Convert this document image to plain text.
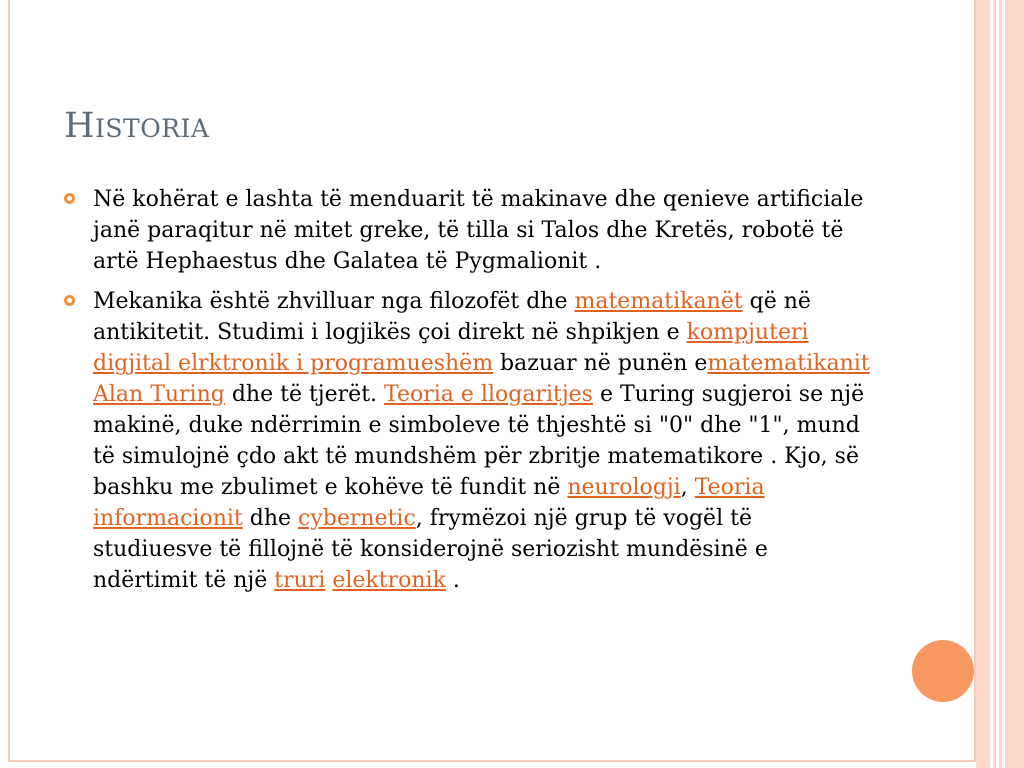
Historia
Në kohërat e lashta të menduarit të makinave dhe qenieve artificiale janë paraqitur në mitet greke, të tilla si Talos dhe Kretës, robotë të artë Hephaestus dhe Galatea të Pygmalionit .
Mekanika është zhvilluar nga filozofët dhe matematikanët që në antikitetit. Studimi i logjikës çoi direkt në shpikjen e kompjuteri digjital elrktronik i programueshëm bazuar në punën ematematikanit Alan Turing dhe të tjerët. Teoria e llogaritjes e Turing sugjeroi se një makinë, duke ndërrimin e simboleve të thjeshtë si "0" dhe "1", mund të simulojnë çdo akt të mundshëm për zbritje matematikore . Kjo, së bashku me zbulimet e kohëve të fundit në neurologji, Teoria informacionit dhe cybernetic, frymëzoi një grup të vogël të studiuesve të fillojnë të konsiderojnë seriozisht mundësinë e ndërtimit të një truri elektronik .
